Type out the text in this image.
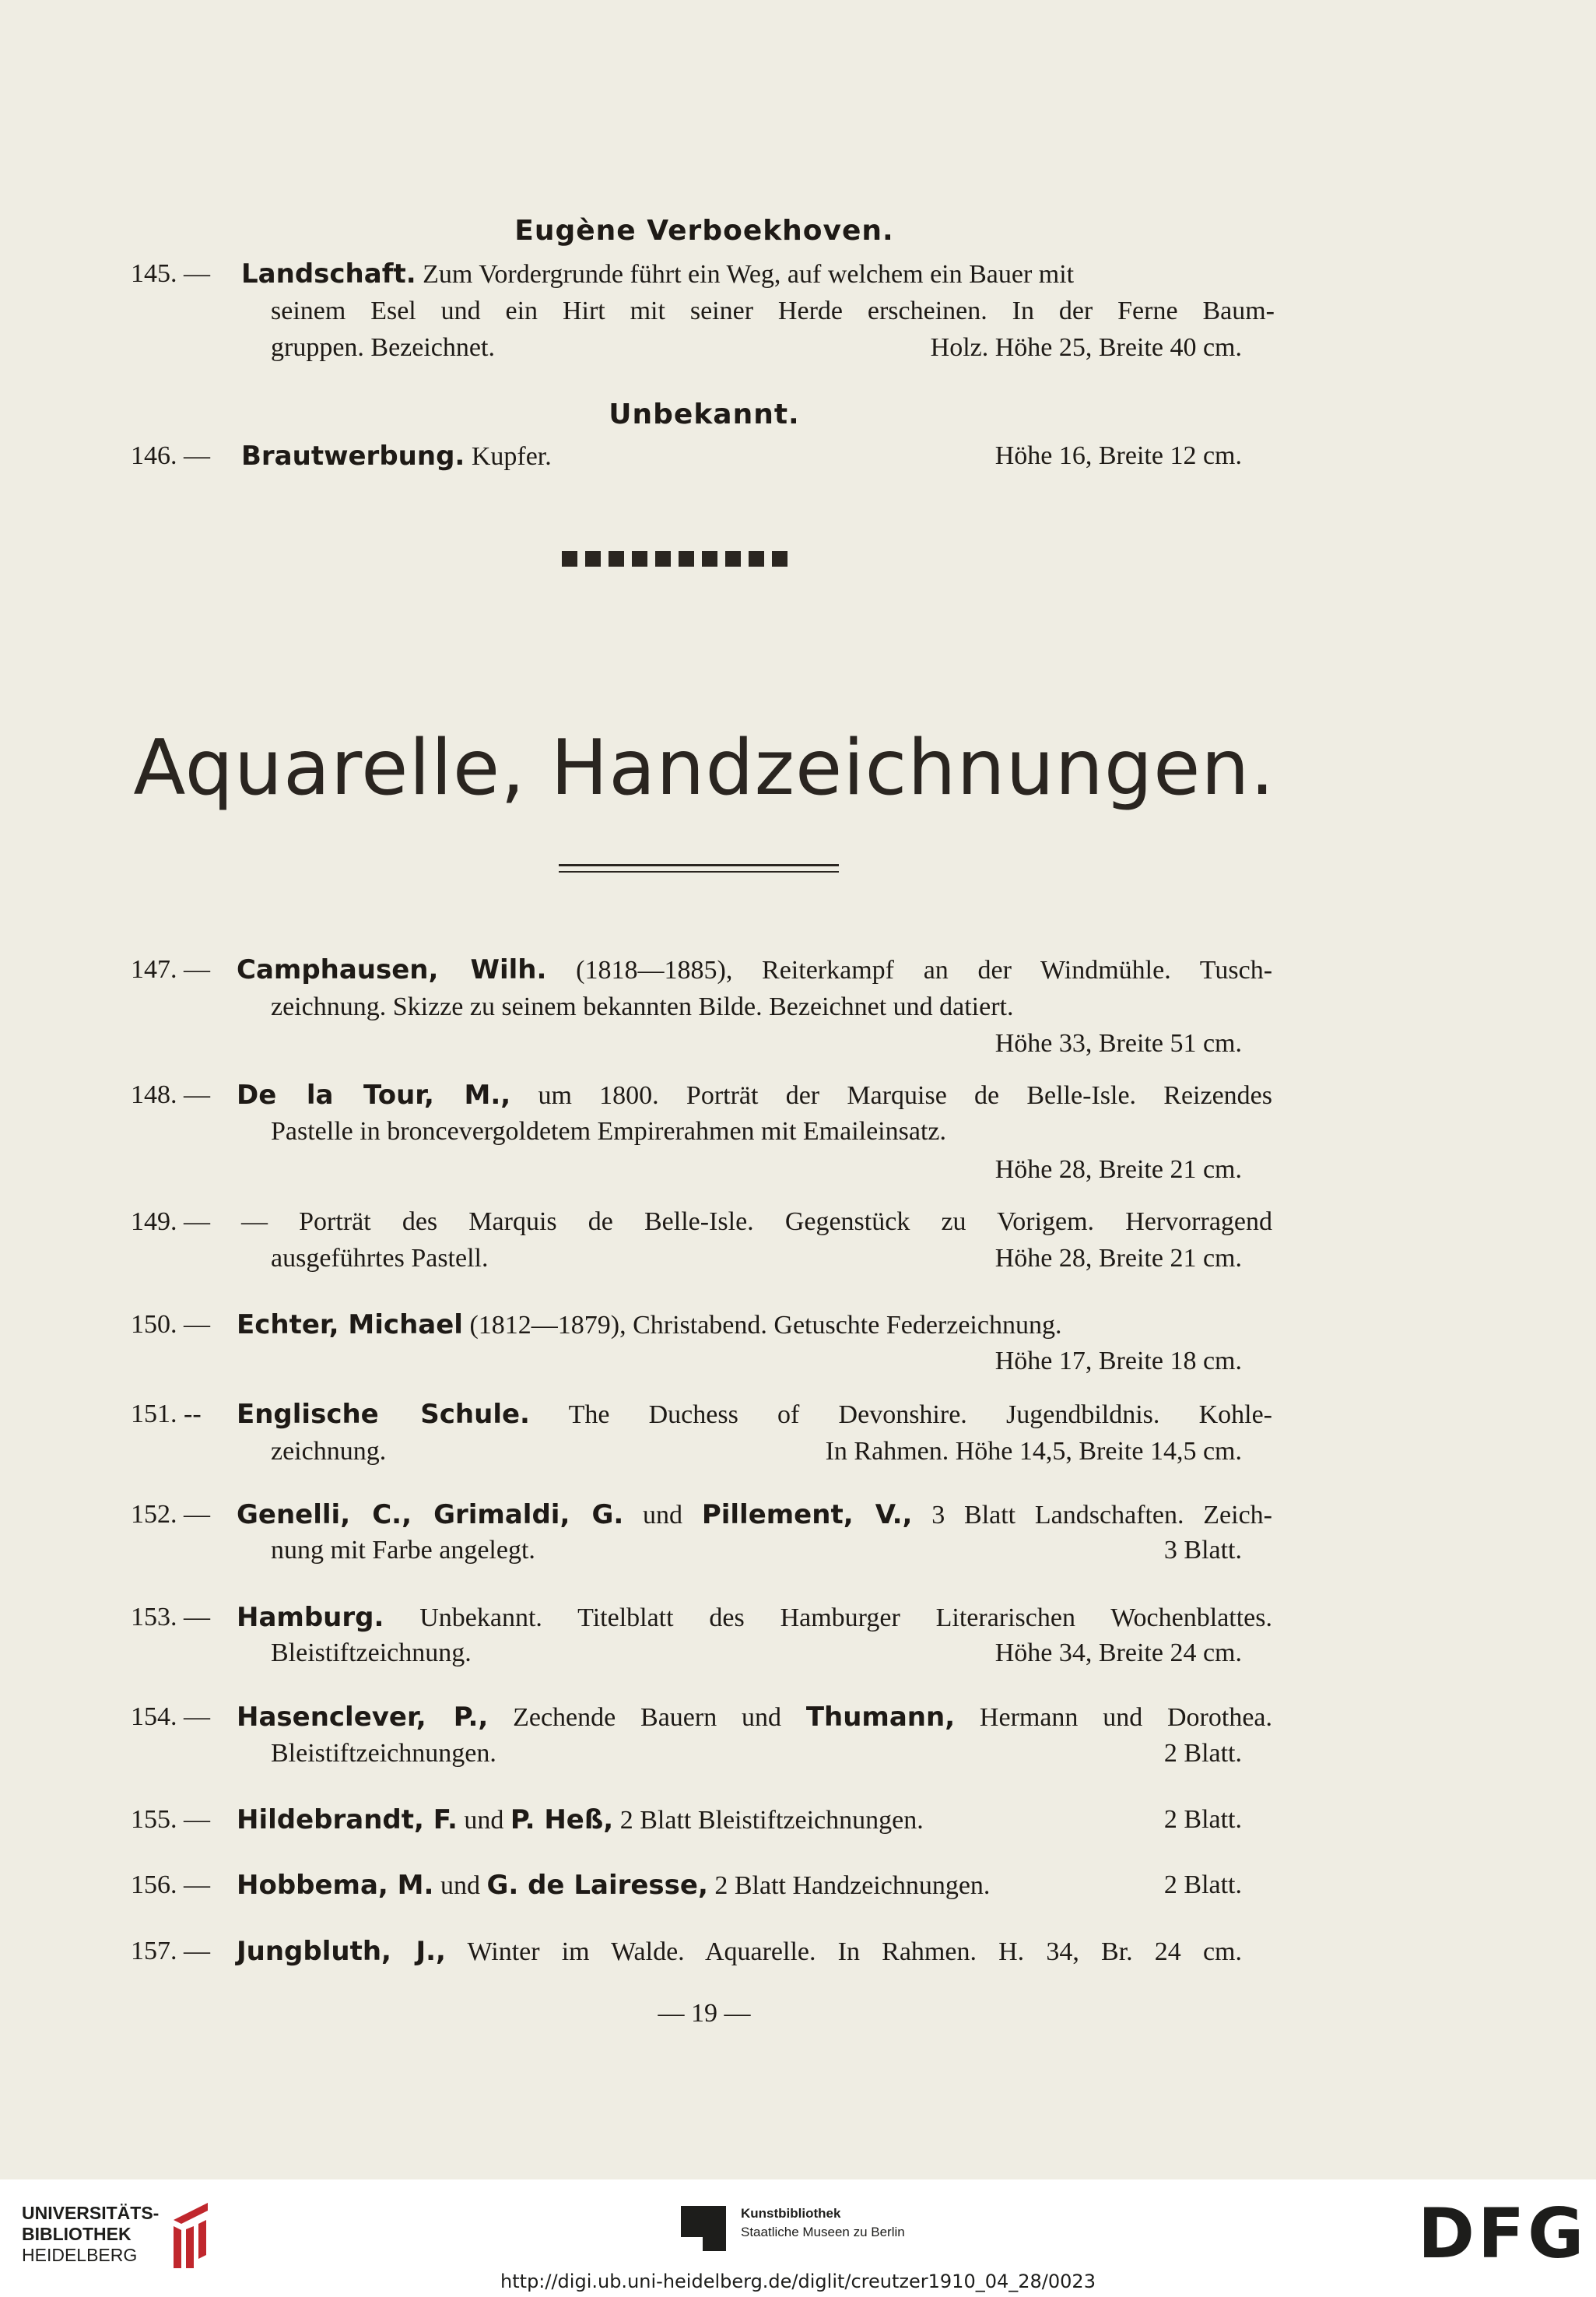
Eugène Verboekhoven.
145. — Landschaft. Zum Vordergrunde führt ein Weg, auf welchem ein Bauer mit
seinem Esel und ein Hirt mit seiner Herde erscheinen. In der Ferne Baum-
gruppen. Bezeichnet.	Holz. Höhe 25, Breite 40 cm.
Unbekannt.
146. — Brautwerbung. Kupfer.	Höhe 16, Breite 12 cm.
Aquarelle, Handzeichnungen.
147. — Camphausen, Wilh. (1818—1885), Reiterkampf an der Windmühle. Tusch-
zeichnung. Skizze zu seinem bekannten Bilde. Bezeichnet und datiert.
Höhe 33, Breite 51 cm.
148. — De la Tour, M., um 1800. Porträt der Marquise de Belle-Isle. Reizendes
Pastelle in broncevergoldetem Empirerahmen mit Emaileinsatz.
Höhe 28, Breite 21 cm.
149. — — Porträt des Marquis de Belle-Isle. Gegenstück zu Vorigem. Hervorragend
ausgeführtes Pastell.	Höhe 28, Breite 21 cm.
150. — Echter, Michael (1812—1879), Christabend. Getuschte Federzeichnung.
Höhe 17, Breite 18 cm.
151. -- Englische Schule. The Duchess of Devonshire. Jugendbildnis. Kohle-
zeichnung.	In Rahmen. Höhe 14,5, Breite 14,5 cm.
152. — Genelli, C., Grimaldi, G. und Pillement, V., 3 Blatt Landschaften. Zeich-
nung mit Farbe angelegt.	3 Blatt.
153. — Hamburg. Unbekannt. Titelblatt des Hamburger Literarischen Wochenblattes.
Bleistiftzeichnung.	Höhe 34, Breite 24 cm.
154. — Hasenclever, P., Zechende Bauern und Thumann, Hermann und Dorothea.
Bleistiftzeichnungen.	2 Blatt.
155. — Hildebrandt, F. und P. Heß, 2 Blatt Bleistiftzeichnungen.	2 Blatt.
156. — Hobbema, M. und G. de Lairesse, 2 Blatt Handzeichnungen.	2 Blatt.
157. — Jungbluth, J., Winter im Walde. Aquarelle. In Rahmen. H. 34, Br. 24 cm.
— 19 —
UNIVERSITÄTS-
BIBLIOTHEK
HEIDELBERG
Kunstbibliothek
Staatliche Museen zu Berlin	DFG
http://digi.ub.uni-heidelberg.de/diglit/creutzer1910_04_28/0023
